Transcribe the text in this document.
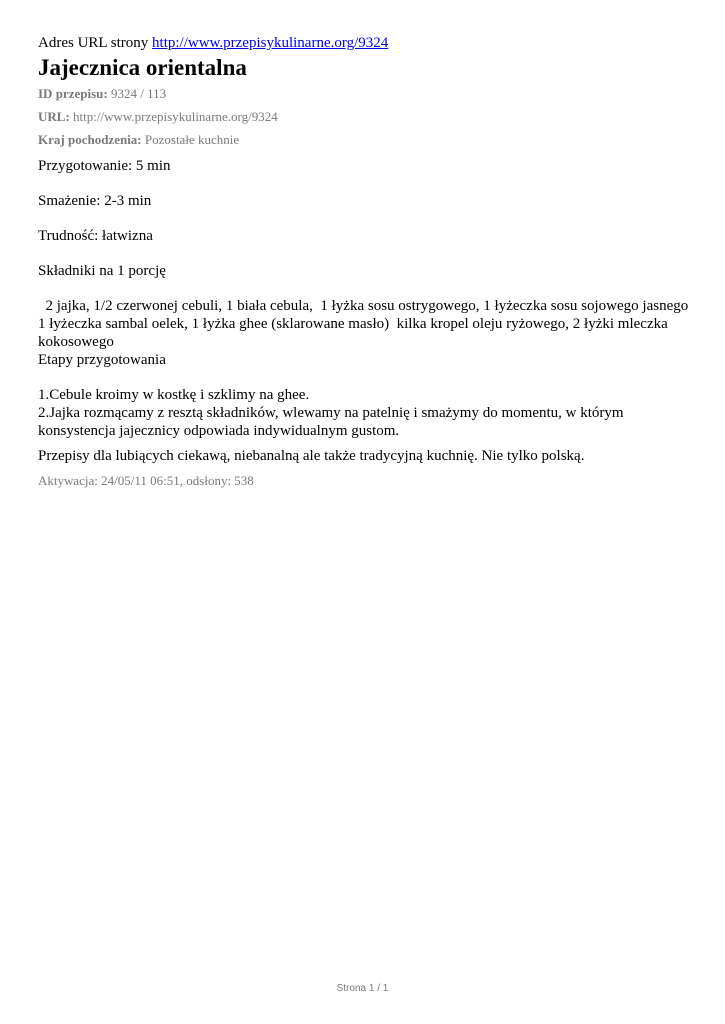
Adres URL strony http://www.przepisykulinarne.org/9324
Jajecznica orientalna
ID przepisu: 9324 / 113
URL: http://www.przepisykulinarne.org/9324
Kraj pochodzenia: Pozostałe kuchnie

Przygotowanie: 5 min

Smażenie: 2-3 min

Trudność: łatwizna

Składniki na 1 porcję

2 jajka, 1/2 czerwonej cebuli, 1 biała cebula,  1 łyżka sosu ostrygowego, 1 łyżeczka sosu sojowego jasnego  1 łyżeczka sambal oelek, 1 łyżka ghee (sklarowane masło)  kilka kropel oleju ryżowego, 2 łyżki mleczka kokosowego

Etapy przygotowania

1.Cebule kroimy w kostkę i szklimy na ghee.

2.Jajka rozmącamy z resztą składników, wlewamy na patelnię i smażymy do momentu, w którym konsystencja jajecznicy odpowiada indywidualnym gustom.

Przepisy dla lubiących ciekawą, niebanalną ale także tradycyjną kuchnię. Nie tylko polską.

Aktywacja: 24/05/11 06:51, odsłony: 538
Strona 1 / 1
